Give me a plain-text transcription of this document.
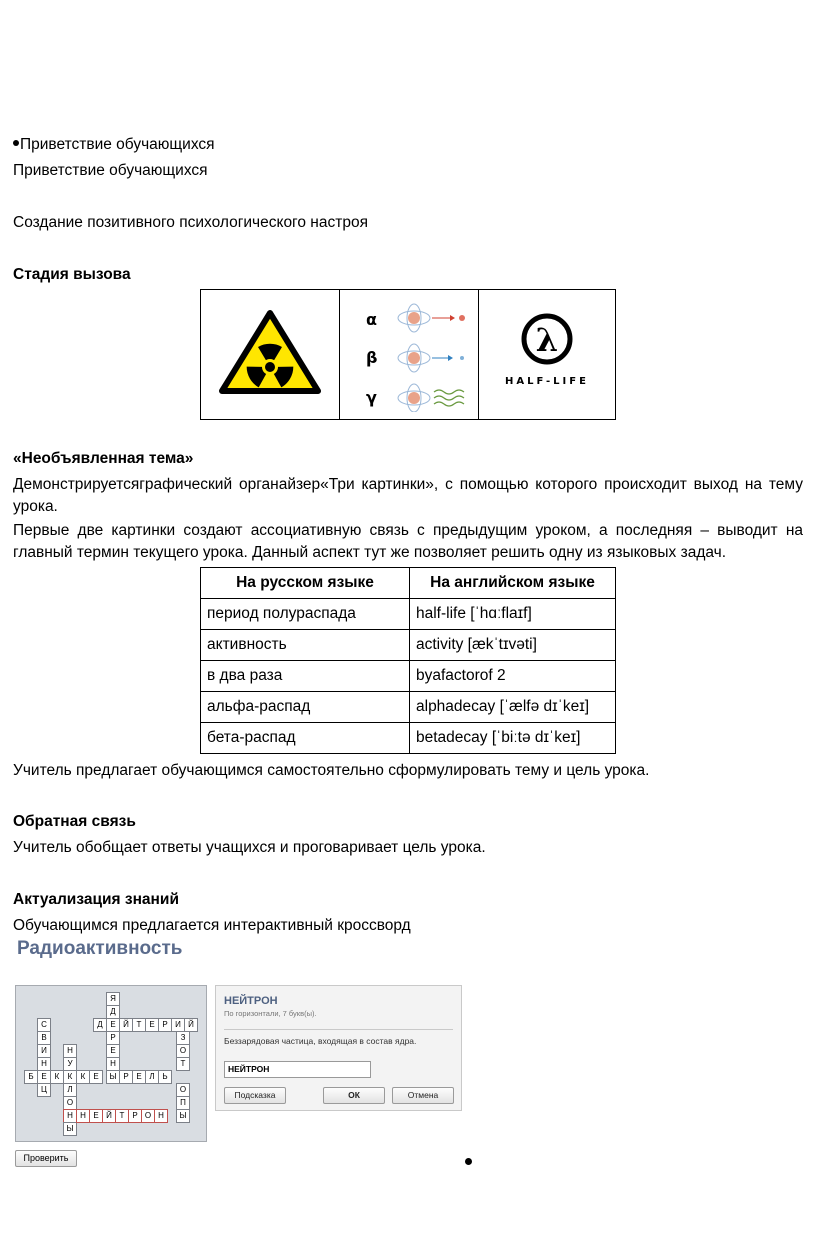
Приветствие обучающихся
Приветствие обучающихся
Создание позитивного психологического настроя
Стадия вызова

α
β
γ

λ
HALF-LIFE
«Необъявленная тема»
Демонстрируетсяграфический органайзер«Три картинки», с помощью которого происходит выход на тему урока.
Первые две картинки создают ассоциативную связь с предыдущим уроком, а последняя – выводит на главный термин текущего урока. Данный аспект тут же позволяет решить одну из языковых задач.
На русском языке	На английском языке
период полураспада	half-life [ˈhɑːflaɪf]
активность	activity [ækˈtɪvəti]
в два раза	byafactorof 2
альфа-распад	alphadecay [ˈælfə dɪˈkeɪ]
бета-распад	betadecay [ˈbiːtə dɪˈkeɪ]
Учитель предлагает обучающимся самостоятельно сформулировать тему и цель урока.
Обратная связь
Учитель обобщает ответы учащихся и проговаривает цель урока.
Актуализация знаний
Обучающимся предлагается интерактивный кроссворд
Радиоактивность
Я
Д
Д Е Й Т Е Р И Й
Р
Е
Н
Ы
С
В
И
Н
Ц
Н
У
К
Л
О
Н
Ы
Б Е К	К	Е	Р Е Л Ь
З
О
Т
О
П
Ы
Н Е Й Т Р О Н
НЕЙТРОН
По горизонтали, 7 букв(ы).
Беззарядовая частица, входящая в состав ядра.
НЕЙТРОН
Подсказка	ОК	Отмена
Проверить
